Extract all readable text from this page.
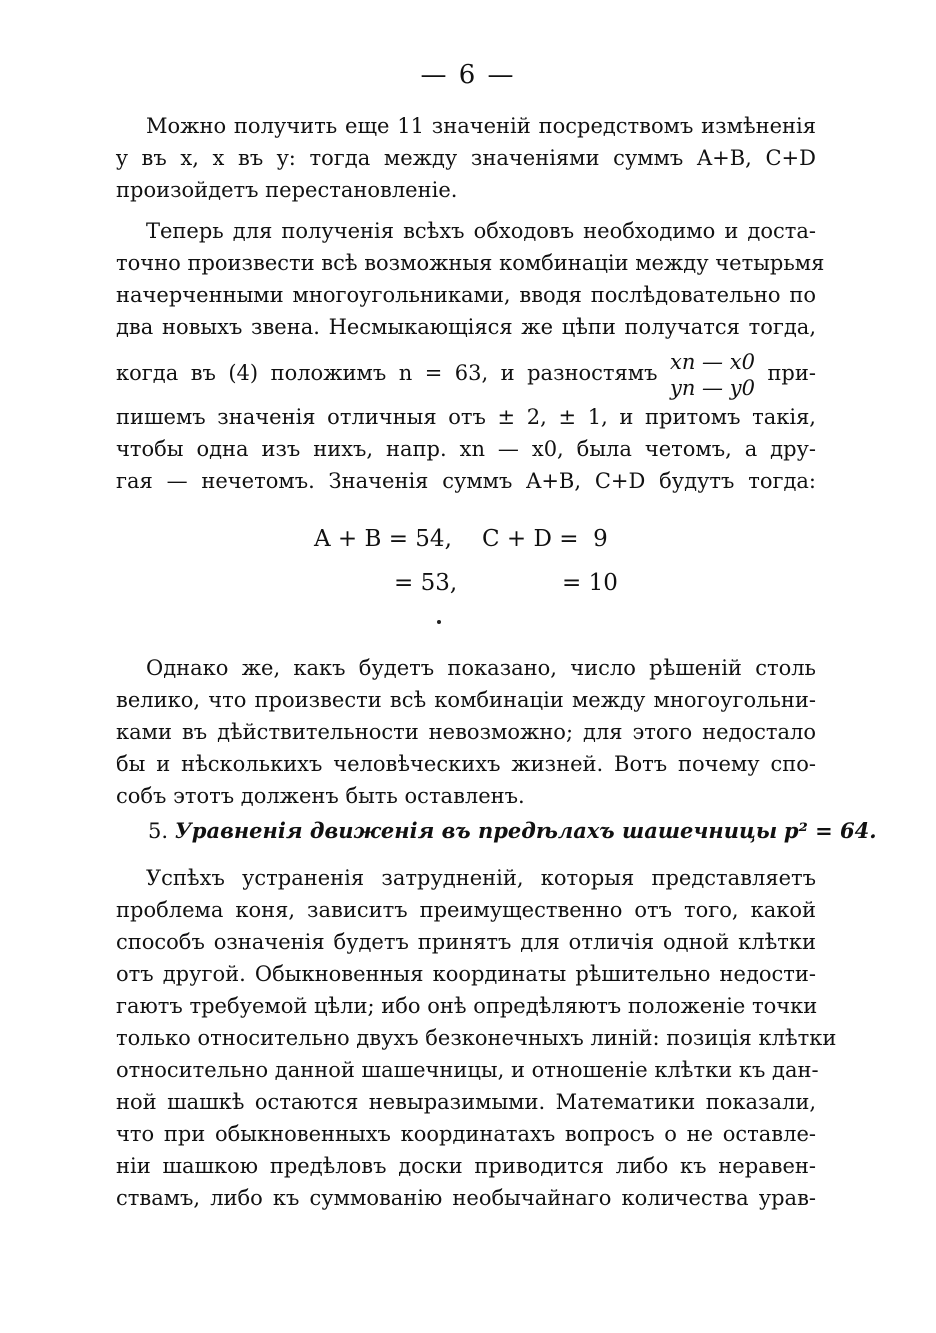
— 6 —
Можно получить еще 11 значеній посредствомъ измѣненія
y въ x, x въ y: тогда между значеніями суммъ A+B, C+D
произойдетъ перестановленіе.
Теперь для полученія всѣхъ обходовъ необходимо и доста-
точно произвести всѣ возможныя комбинаціи между четырьмя
начерченными многоугольниками, вводя послѣдовательно по
два новыхъ звена. Несмыкающіяся же цѣпи получатся тогда,
когда въ (4) положимъ n = 63, и разностямъ xn — x0
yn — y0
при-
пишемъ значенія отличныя отъ ± 2, ± 1, и притомъ такія,
чтобы одна изъ нихъ, напр. xn — x0, была четомъ, а дру-
гая — нечетомъ. Значенія суммъ A+B, C+D будутъ тогда:
A + B = 54, C + D =  9
= 53,	= 10
Однако же, какъ будетъ показано, число рѣшеній столь
велико, что произвести всѣ комбинаціи между многоугольни-
ками въ дѣйствительности невозможно; для этого недостало
бы и нѣсколькихъ человѣческихъ жизней. Вотъ почему спо-
собъ этотъ долженъ быть оставленъ.
5. Уравненія движенія въ предѣлахъ шашечницы p² = 64.
Успѣхъ устраненія затрудненій, которыя представляетъ
проблема коня, зависитъ преимущественно отъ того, какой
способъ означенія будетъ принятъ для отличія одной клѣтки
отъ другой. Обыкновенныя координаты рѣшительно недости-
гаютъ требуемой цѣли; ибо онѣ опредѣляютъ положеніе точки
только относительно двухъ безконечныхъ линій: позиція клѣтки
относительно данной шашечницы, и отношеніе клѣтки къ дан-
ной шашкѣ остаются невыразимыми. Математики показали,
что при обыкновенныхъ координатахъ вопросъ о не оставле-
ніи шашкою предѣловъ доски приводится либо къ неравен-
ствамъ, либо къ суммованію необычайнаго количества урав-
